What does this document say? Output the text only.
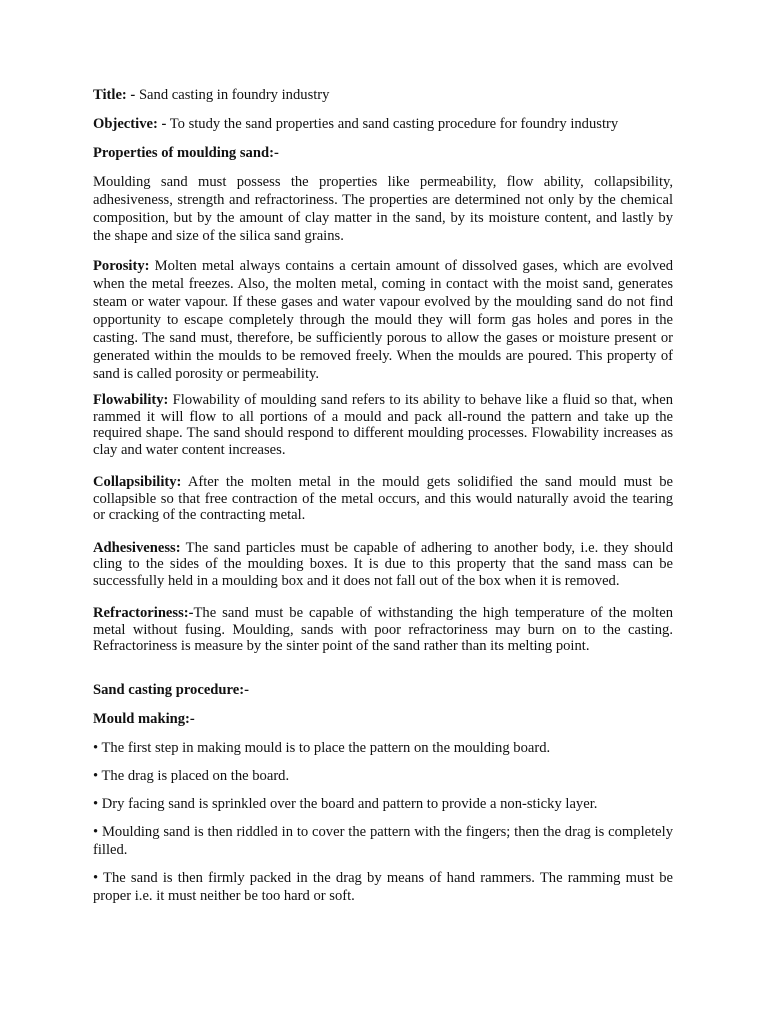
Title: - Sand casting in foundry industry

Objective: - To study the sand properties and sand casting procedure for foundry industry

Properties of moulding sand:-

Moulding sand must possess the properties like permeability, flow ability, collapsibility, adhesiveness, strength and refractoriness. The properties are determined not only by the chemical composition, but by the amount of clay matter in the sand, by its moisture content, and lastly by the shape and size of the silica sand grains.

Porosity: Molten metal always contains a certain amount of dissolved gases, which are evolved when the metal freezes. Also, the molten metal, coming in contact with the moist sand, generates steam or water vapour. If these gases and water vapour evolved by the moulding sand do not find opportunity to escape completely through the mould they will form gas holes and pores in the casting. The sand must, therefore, be sufficiently porous to allow the gases or moisture present or generated within the moulds to be removed freely. When the moulds are poured. This property of sand is called porosity or permeability.

Flowability: Flowability of moulding sand refers to its ability to behave like a fluid so that, when rammed it will flow to all portions of a mould and pack all-round the pattern and take up the required shape. The sand should respond to different moulding processes. Flowability increases as clay and water content increases.

Collapsibility: After the molten metal in the mould gets solidified the sand mould must be collapsible so that free contraction of the metal occurs, and this would naturally avoid the tearing or cracking of the contracting metal.

Adhesiveness: The sand particles must be capable of adhering to another body, i.e. they should cling to the sides of the moulding boxes. It is due to this property that the sand mass can be successfully held in a moulding box and it does not fall out of the box when it is removed.

Refractoriness:-The sand must be capable of withstanding the high temperature of the molten metal without fusing. Moulding, sands with poor refractoriness may burn on to the casting. Refractoriness is measure by the sinter point of the sand rather than its melting point.

Sand casting procedure:-

Mould making:-

• The first step in making mould is to place the pattern on the moulding board.

• The drag is placed on the board.

• Dry facing sand is sprinkled over the board and pattern to provide a non-sticky layer.

• Moulding sand is then riddled in to cover the pattern with the fingers; then the drag is completely filled.

• The sand is then firmly packed in the drag by means of hand rammers. The ramming must be proper i.e. it must neither be too hard or soft.
